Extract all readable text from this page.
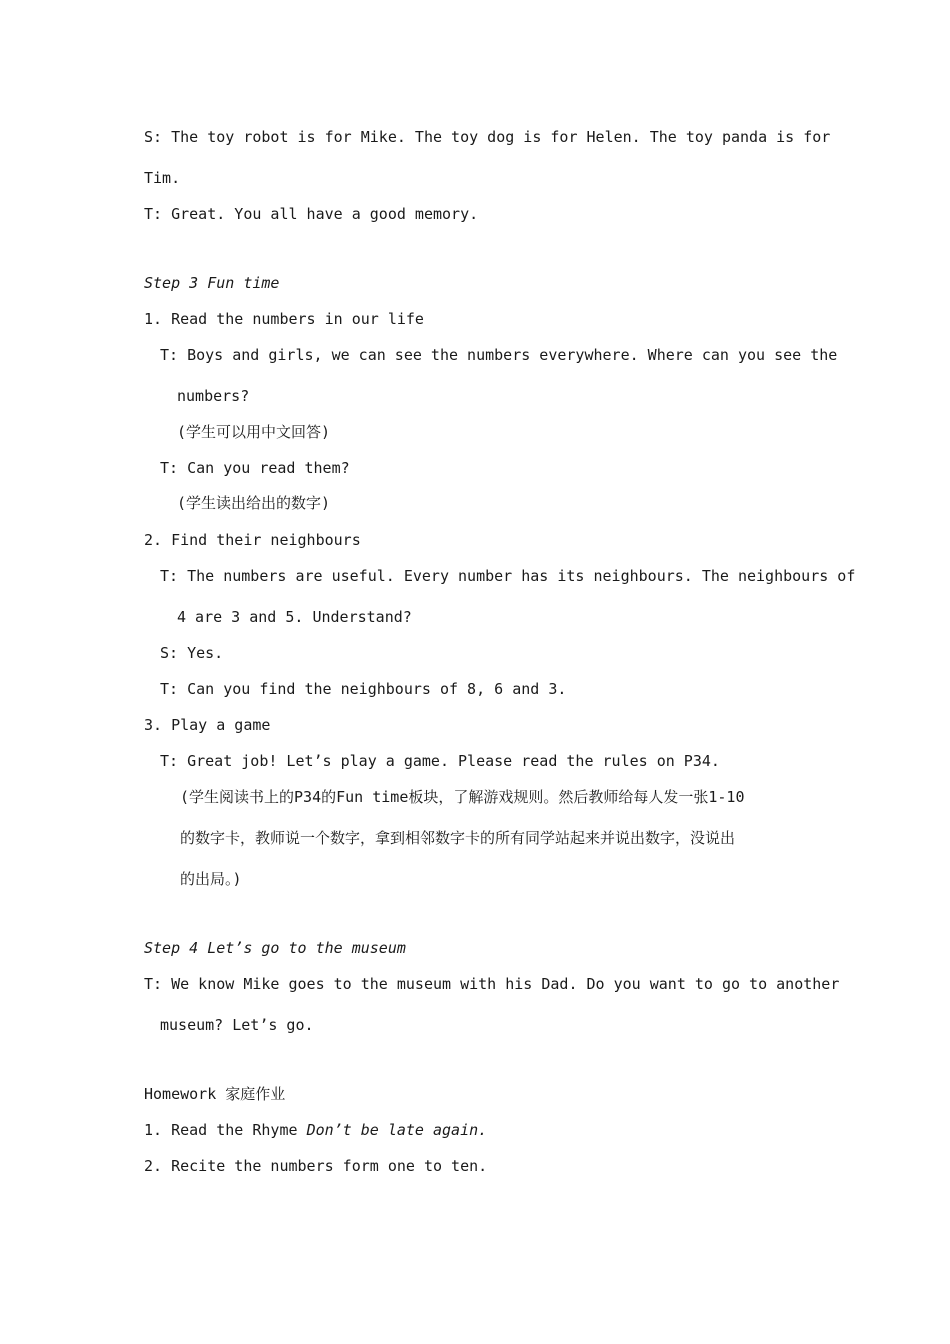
S: The toy robot is for Mike. The toy dog is for Helen. The toy panda is for
Tim.
T: Great. You all have a good memory.
Step 3 Fun time
1. Read the numbers in our life
T: Boys and girls, we can see the numbers everywhere. Where can you see the
numbers?
(学生可以用中文回答)
T: Can you read them?
(学生读出给出的数字)
2. Find their neighbours
T: The numbers are useful. Every number has its neighbours. The neighbours of
4 are 3 and 5. Understand?
S: Yes.
T: Can you find the neighbours of 8, 6 and 3.
3. Play a game
T: Great job! Let’s play a game. Please read the rules on P34.
(学生阅读书上的P34的Fun time板块，了解游戏规则。然后教师给每人发一张1-10
的数字卡，教师说一个数字，拿到相邻数字卡的所有同学站起来并说出数字，没说出
的出局。)
Step 4 Let’s go to the museum
T: We know Mike goes to the museum with his Dad. Do you want to go to another
museum? Let’s go.
Homework 家庭作业
1. Read the Rhyme Don’t be late again.
2. Recite the numbers form one to ten.
